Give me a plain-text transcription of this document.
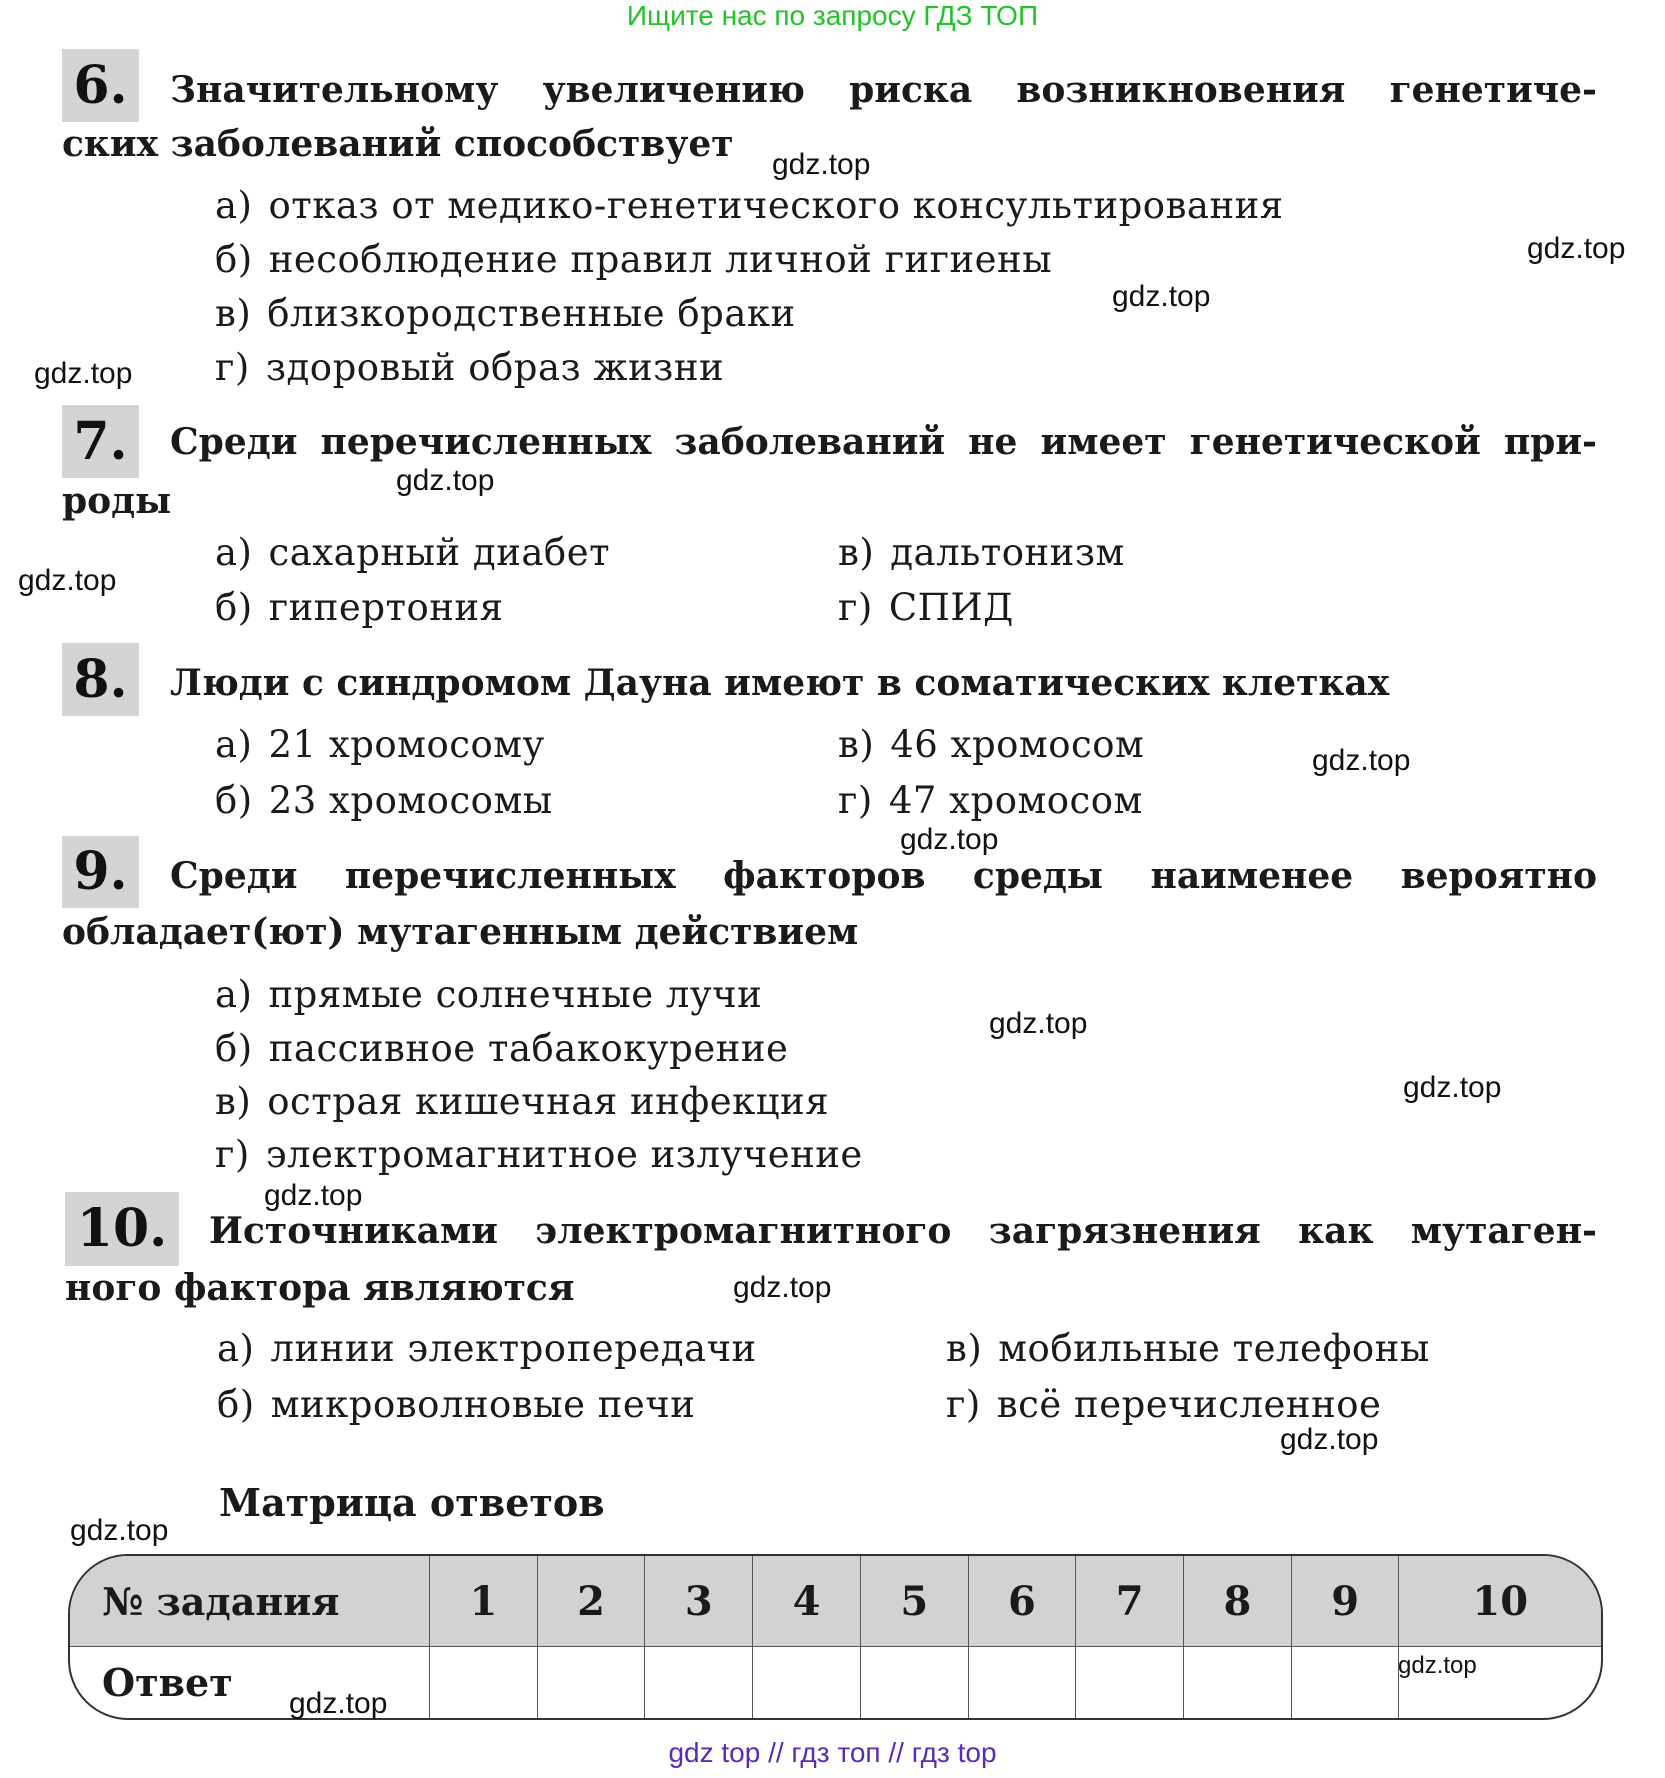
Ищите нас по запросу ГДЗ ТОП
6.	Значительному увеличению риска возникновения генетиче-
ских заболеваний способствует
а) отказ от медико-генетического консультирования
б) несоблюдение правил личной гигиены
в) близкородственные браки
г) здоровый образ жизни
7.	Среди перечисленных заболеваний не имеет генетической при-
роды
а) сахарный диабет
б) гипертония
в) дальтонизм
г) СПИД
8.	Люди с синдромом Дауна имеют в соматических клетках
а) 21 хромосому
б) 23 хромосомы
в) 46 хромосом
г) 47 хромосом
9.	Среди перечисленных факторов среды наименее вероятно
обладает(ют) мутагенным действием
а) прямые солнечные лучи
б) пассивное табакокурение
в) острая кишечная инфекция
г) электромагнитное излучение
10.	Источниками электромагнитного загрязнения как мутаген-
ного фактора являются
а) линии электропередачи
б) микроволновые печи
в) мобильные телефоны
г) всё перечисленное
Матрица ответов
№ задания	1	2	3	4	5	6	7	8	9	10
Ответ										
gdz.top
gdz.top
gdz.top
gdz.top
gdz.top
gdz.top
gdz.top
gdz.top
gdz.top
gdz.top
gdz.top
gdz.top
gdz.top
gdz.top
gdz.top
gdz.top
gdz top // гдз топ // гдз top
